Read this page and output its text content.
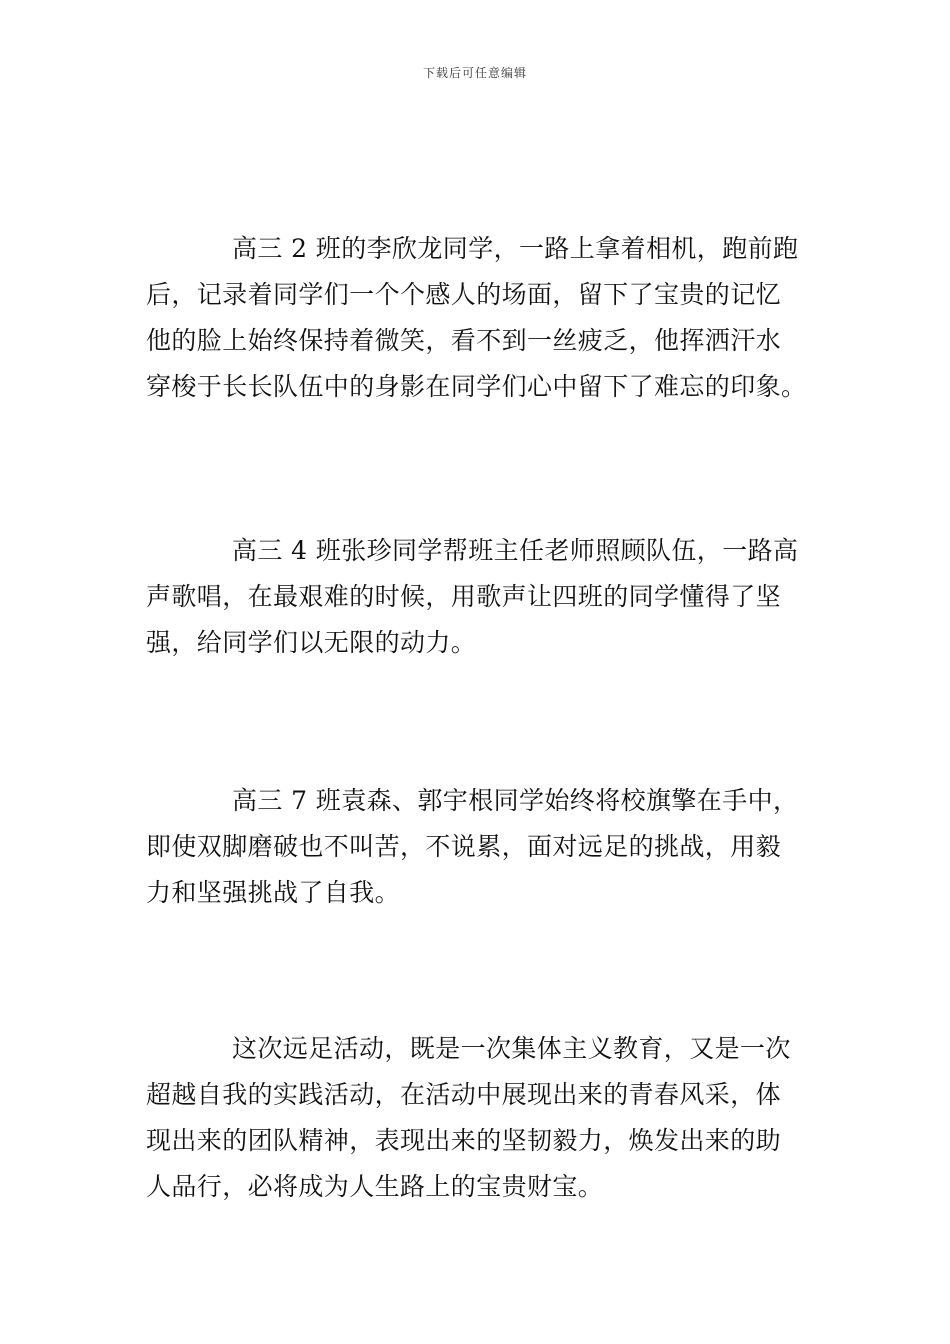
下载后可任意编辑
高三 2 班的李欣龙同学，一路上拿着相机，跑前跑
后，记录着同学们一个个感人的场面，留下了宝贵的记忆
他的脸上始终保持着微笑，看不到一丝疲乏，他挥洒汗水
穿梭于长长队伍中的身影在同学们心中留下了难忘的印象。
高三 4 班张珍同学帮班主任老师照顾队伍，一路高
声歌唱，在最艰难的时候，用歌声让四班的同学懂得了坚
强，给同学们以无限的动力。
高三 7 班袁森、郭宇根同学始终将校旗擎在手中，
即使双脚磨破也不叫苦，不说累，面对远足的挑战，用毅
力和坚强挑战了自我。
这次远足活动，既是一次集体主义教育，又是一次
超越自我的实践活动，在活动中展现出来的青春风采，体
现出来的团队精神，表现出来的坚韧毅力，焕发出来的助
人品行，必将成为人生路上的宝贵财宝。
